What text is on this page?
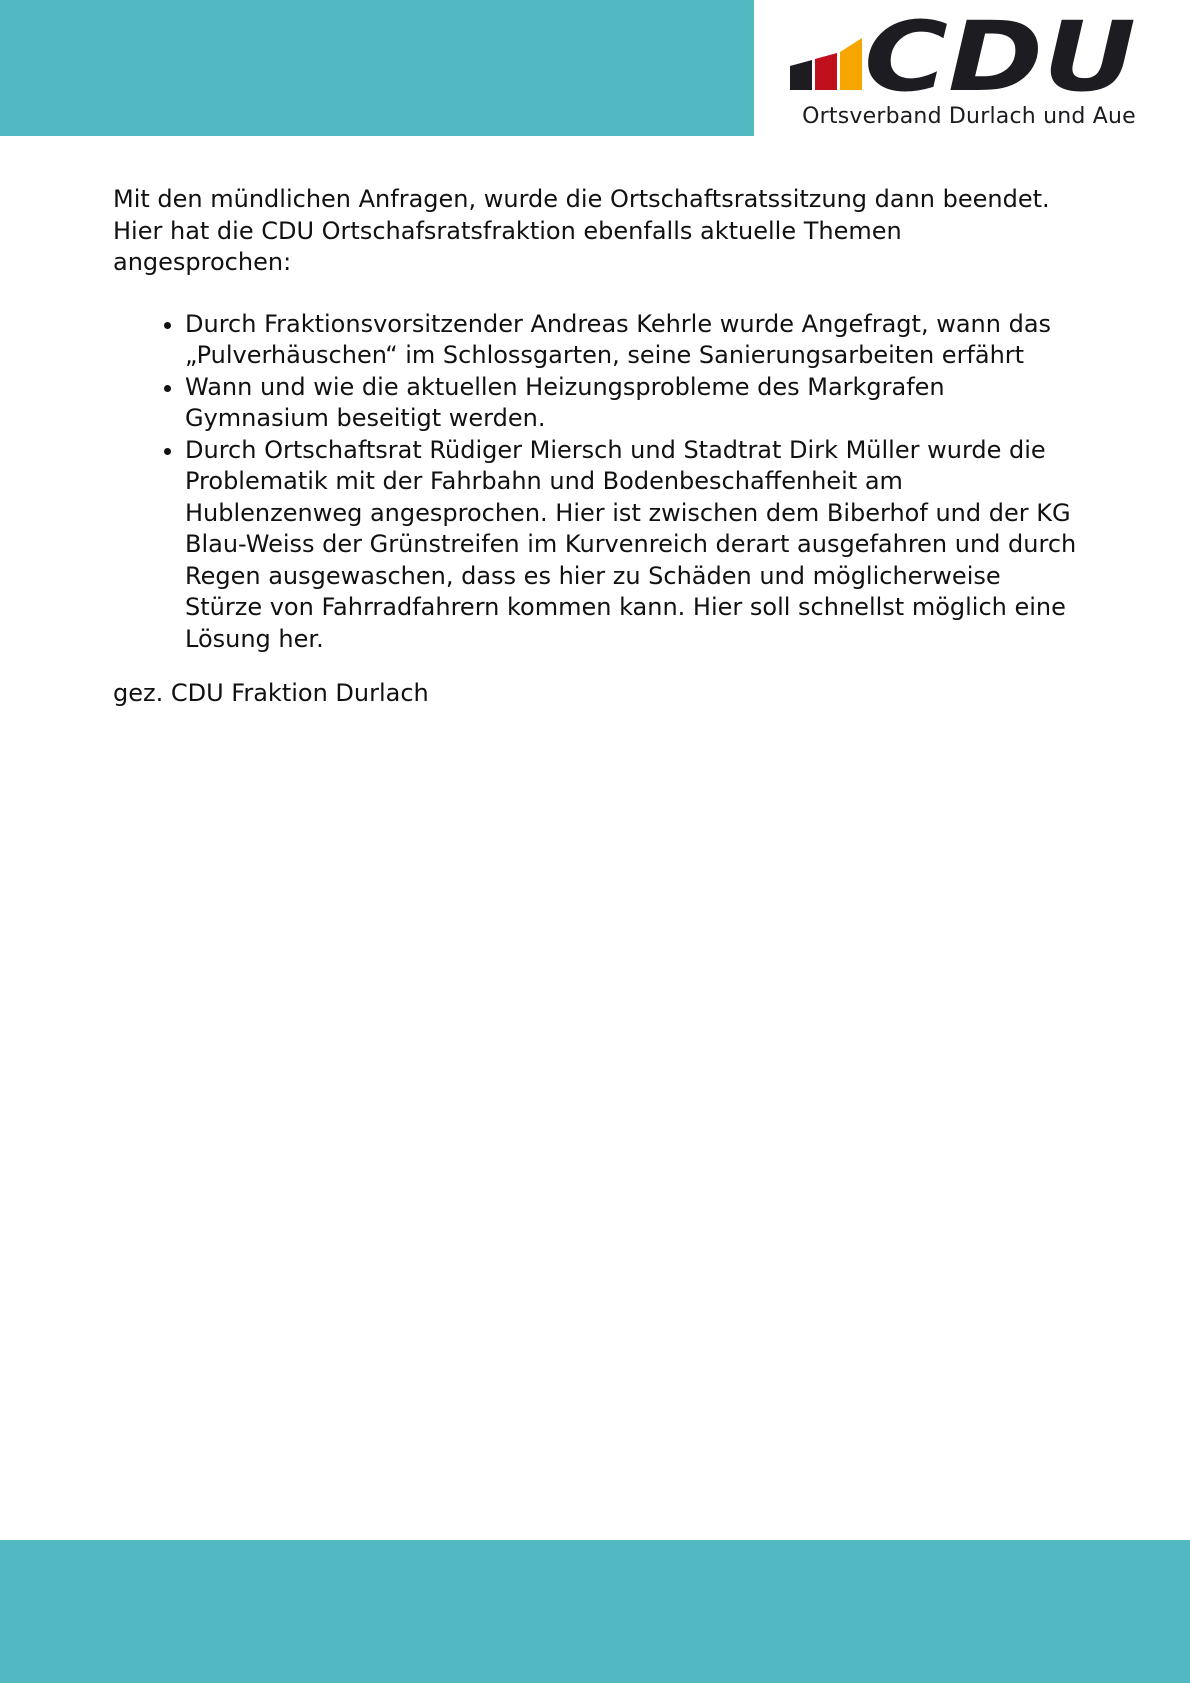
CDU
Ortsverband Durlach und Aue

Mit den mündlichen Anfragen, wurde die Ortschaftsratssitzung dann beendet. Hier hat die CDU Ortschafsratsfraktion ebenfalls aktuelle Themen angesprochen:

• Durch Fraktionsvorsitzender Andreas Kehrle wurde Angefragt, wann das „Pulverhäuschen“ im Schlossgarten, seine Sanierungsarbeiten erfährt
• Wann und wie die aktuellen Heizungsprobleme des Markgrafen Gymnasium beseitigt werden.
• Durch Ortschaftsrat Rüdiger Miersch und Stadtrat Dirk Müller wurde die Problematik mit der Fahrbahn und Bodenbeschaffenheit am Hublenzenweg angesprochen. Hier ist zwischen dem Biberhof und der KG Blau-Weiss der Grünstreifen im Kurvenreich derart ausgefahren und durch Regen ausgewaschen, dass es hier zu Schäden und möglicherweise Stürze von Fahrradfahrern kommen kann. Hier soll schnellst möglich eine Lösung her.

gez. CDU Fraktion Durlach
